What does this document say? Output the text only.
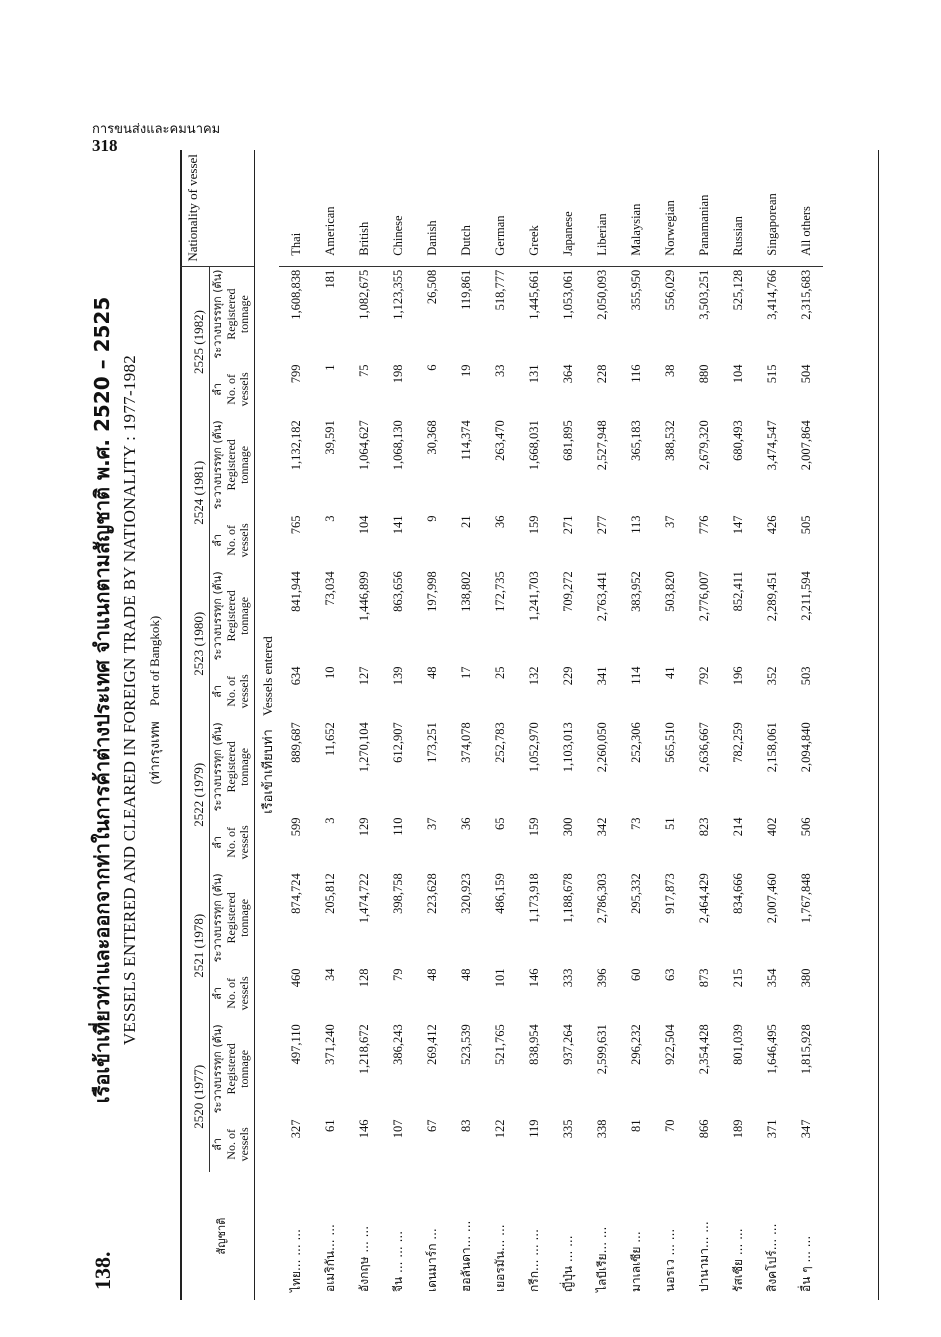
การขนส่งและคมนาคม
318
138.
เรือเข้าเที่ยวท่าและออกจากท่าในการค้าต่างประเทศ จำแนกตามสัญชาติ พ.ศ. 2520 – 2525 VESSELS ENTERED AND CLEARED IN FOREIGN TRADE BY NATIONALITY : 1977-1982 (ท่ากรุงเทพ Port of Bangkok)
สัญชาติ	2520 (1977)		2521 (1978)		2522 (1979)		2523 (1980)		2524 (1981)		2525 (1982)		Nationality of vessel

	ลำ No. of vessels	ระวางบรรทุก (ตัน) Registered tonnage	ลำ No. of vessels	ระวางบรรทุก (ตัน) Registered tonnage	ลำ No. of vessels	ระวางบรรทุก (ตัน) Registered tonnage	ลำ No. of vessels	ระวางบรรทุก (ตัน) Registered tonnage	ลำ No. of vessels	ระวางบรรทุก (ตัน) Registered tonnage	ลำ No. of vessels	ระวางบรรทุก (ตัน) Registered tonnage	
เรือเข้าเทียบท่า Vessels entered													
ไทย... ... ...	327	497,110	460	874,724	599	889,687	634	841,944	765	1,132,182	799	1,608,838	Thai
อเมริกัน... ...	61	371,240	34	205,812	3	11,652	10	73,034	3	39,591	1	181	American
อังกฤษ ... ...	146	1,218,672	128	1,474,722	129	1,270,104	127	1,446,899	104	1,064,627	75	1,082,675	British
จีน ... ... ...	107	386,243	79	398,758	110	612,907	139	863,656	141	1,068,130	198	1,123,355	Chinese
เดนมาร์ก ...	67	269,412	48	223,628	37	173,251	48	197,998	9	30,368	6	26,508	Danish
ฮอลันดา... ...	83	523,539	48	320,923	36	374,078	17	138,802	21	114,374	19	119,861	Dutch
เยอรมัน... ...	122	521,765	101	486,159	65	252,783	25	172,735	36	263,470	33	518,777	German
กรีก... ... ...	119	838,954	146	1,173,918	159	1,052,970	132	1,241,703	159	1,668,031	131	1,445,661	Greek
ญี่ปุ่น ... ...	335	937,264	333	1,188,678	300	1,103,013	229	709,272	271	681,895	364	1,053,061	Japanese
ไลบีเรีย... ...	338	2,599,631	396	2,786,303	342	2,260,050	341	2,763,441	277	2,527,948	228	2,050,093	Liberian
มาเลเซีย ...	81	296,232	60	295,332	73	252,306	114	383,952	113	365,183	116	355,950	Malaysian
นอรเว ... ...	70	922,504	63	917,873	51	565,510	41	503,820	37	388,532	38	556,029	Norwegian
ปานามา... ...	866	2,354,428	873	2,464,429	823	2,636,667	792	2,776,007	776	2,679,320	880	3,503,251	Panamanian
รัสเซีย ... ...	189	801,039	215	834,666	214	782,259	196	852,411	147	680,493	104	525,128	Russian
สิงคโปร์... ...	371	1,646,495	354	2,007,460	402	2,158,061	352	2,289,451	426	3,474,547	515	3,414,766	Singaporean
อื่น ๆ ... ...	347	1,815,928	380	1,767,848	506	2,094,840	503	2,211,594	505	2,007,864	504	2,315,683	All others
